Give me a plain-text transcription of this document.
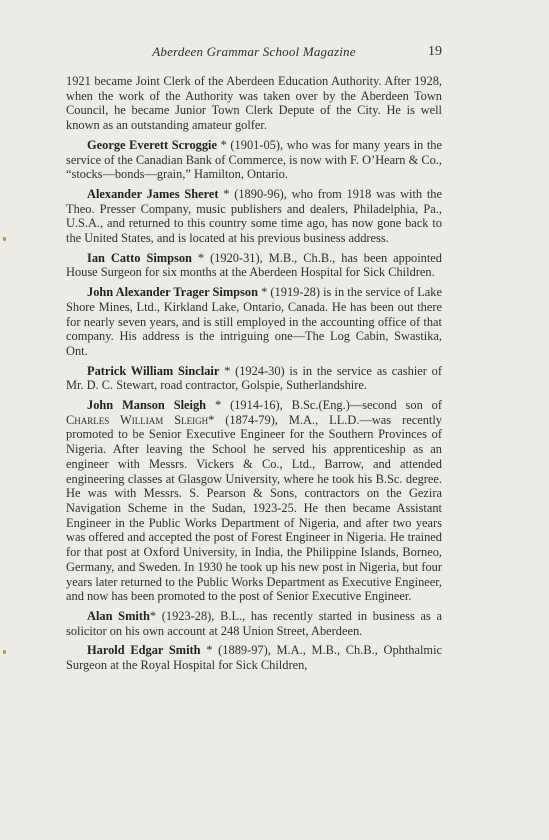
Aberdeen Grammar School Magazine	19

1921 became Joint Clerk of the Aberdeen Education Authority. After 1928, when the work of the Authority was taken over by the Aberdeen Town Council, he became Junior Town Clerk Depute of the City. He is well known as an outstanding amateur golfer.

George Everett Scroggie * (1901-05), who was for many years in the service of the Canadian Bank of Commerce, is now with F. O’Hearn & Co., “stocks—bonds—grain,” Hamilton, Ontario.

Alexander James Sheret * (1890-96), who from 1918 was with the Theo. Presser Company, music publishers and dealers, Philadelphia, Pa., U.S.A., and returned to this country some time ago, has now gone back to the United States, and is located at his previous business address.

Ian Catto Simpson * (1920-31), M.B., Ch.B., has been appointed House Surgeon for six months at the Aberdeen Hospital for Sick Children.

John Alexander Trager Simpson * (1919-28) is in the service of Lake Shore Mines, Ltd., Kirkland Lake, Ontario, Canada. He has been out there for nearly seven years, and is still employed in the accounting office of that company. His address is the intriguing one—The Log Cabin, Swastika, Ont.

Patrick William Sinclair * (1924-30) is in the service as cashier of Mr. D. C. Stewart, road contractor, Golspie, Sutherlandshire.

John Manson Sleigh * (1914-16), B.Sc.(Eng.)—second son of Charles William Sleigh* (1874-79), M.A., LL.D.—was recently promoted to be Senior Executive Engineer for the Southern Provinces of Nigeria. After leaving the School he served his apprenticeship as an engineer with Messrs. Vickers & Co., Ltd., Barrow, and attended engineering classes at Glasgow University, where he took his B.Sc. degree. He was with Messrs. S. Pearson & Sons, contractors on the Gezira Navigation Scheme in the Sudan, 1923-25. He then became Assistant Engineer in the Public Works Department of Nigeria, and after two years was offered and accepted the post of Forest Engineer in Nigeria. He trained for that post at Oxford University, in India, the Philippine Islands, Borneo, Germany, and Sweden. In 1930 he took up his new post in Nigeria, but four years later returned to the Public Works Department as Executive Engineer, and now has been promoted to the post of Senior Executive Engineer.

Alan Smith* (1923-28), B.L., has recently started in business as a solicitor on his own account at 248 Union Street, Aberdeen.

Harold Edgar Smith * (1889-97), M.A., M.B., Ch.B., Ophthalmic Surgeon at the Royal Hospital for Sick Children,
